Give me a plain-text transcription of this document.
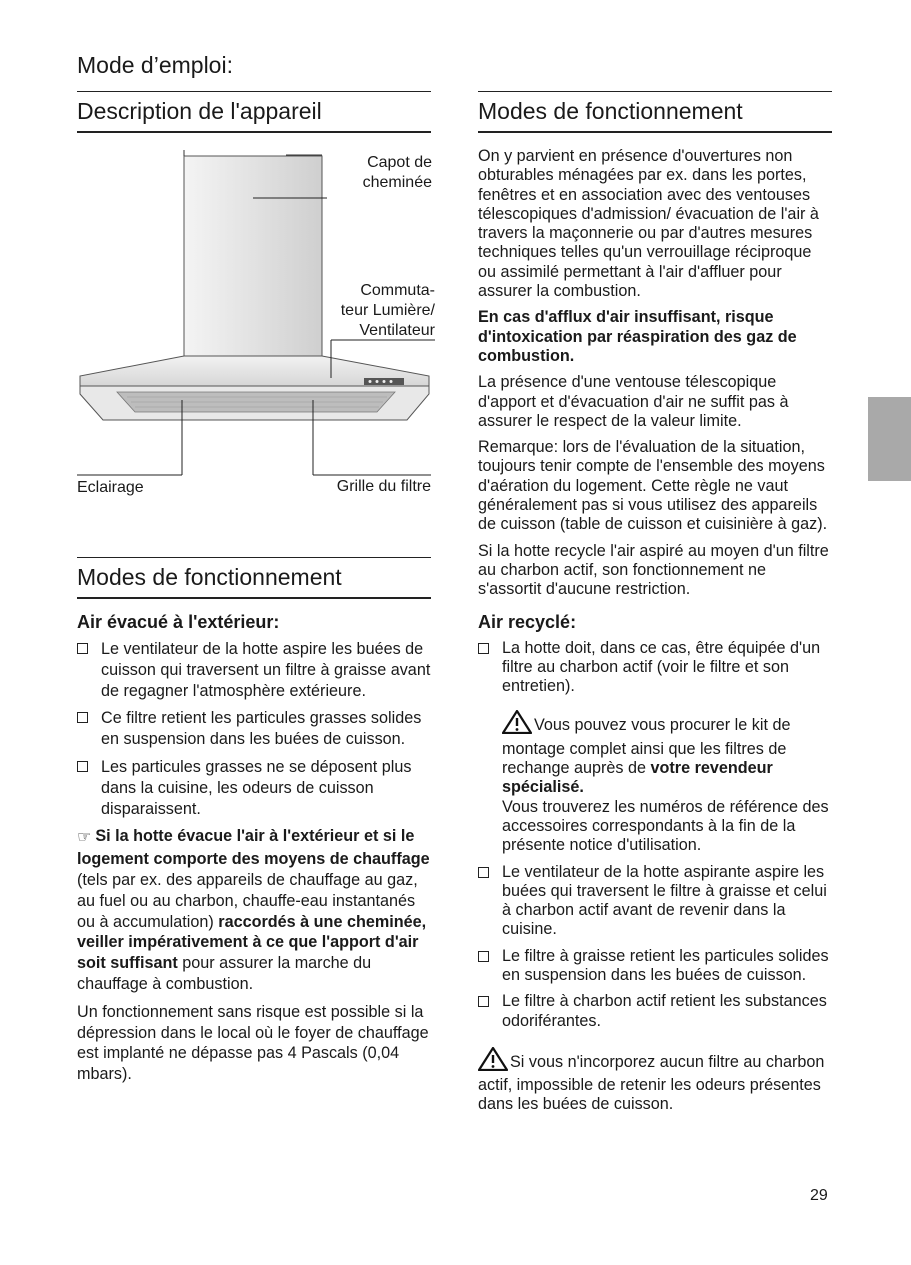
Mode d’emploi:
Description de l'appareil
Capot de
cheminée
Commuta-
teur Lumière/
Ventilateur
Eclairage	Grille du filtre
Modes de fonctionnement
Air évacué à l'extérieur:
Le ventilateur de la hotte aspire les buées de cuisson qui traversent un filtre à graisse avant de regagner l'atmosphère extérieure.
Ce filtre retient les particules grasses solides en suspension dans les buées de cuisson.
Les particules grasses ne se déposent plus dans la cuisine, les odeurs de cuisson disparaissent.

☞ Si la hotte évacue l'air à l'extérieur et si le logement comporte des moyens de chauffage (tels par ex. des appareils de chauffage au gaz, au fuel ou au charbon, chauffe-eau instantanés ou à accumulation) raccordés à une cheminée, veiller impérativement à ce que l'apport d'air soit suffisant pour assurer la marche du chauffage à combustion.

Un fonctionnement sans risque est possible si la dépression dans le local où le foyer de chauffage est implanté ne dépasse pas 4 Pascals (0,04 mbars).

Modes de fonctionnement

On y parvient en présence d'ouvertures non obturables ménagées par ex. dans les portes, fenêtres et en association avec des ventouses télescopiques d'admission/ évacuation de l'air à travers la maçonnerie ou par d'autres mesures techniques telles qu'un verrouillage réciproque ou assimilé permettant à l'air d'affluer pour assurer la combustion.

En cas d'afflux d'air insuffisant, risque d'intoxication par réaspiration des gaz de combustion.

La présence d'une ventouse télescopique d'apport et d'évacuation d'air ne suffit pas à assurer le respect de la valeur limite.

Remarque: lors de l'évaluation de la situation, toujours tenir compte de l'ensemble des moyens d'aération du logement. Cette règle ne vaut généralement pas si vous utilisez des appareils de cuisson (table de cuisson et cuisinière à gaz).

Si la hotte recycle l'air aspiré au moyen d'un filtre au charbon actif, son fonctionnement ne s'assortit d'aucune restriction.

Air recyclé:
La hotte doit, dans ce cas, être équipée d'un filtre au charbon actif (voir le filtre et son entretien).
Vous pouvez vous procurer le kit de montage complet ainsi que les filtres de rechange auprès de votre revendeur spécialisé.
Vous trouverez les numéros de référence des accessoires correspondants à la fin de la présente notice d'utilisation.
Le ventilateur de la hotte aspirante aspire les buées qui traversent le filtre à graisse et celui à charbon actif avant de revenir dans la cuisine.
Le filtre à graisse retient les particules solides en suspension dans les buées de cuisson.
Le filtre à charbon actif retient les substances odoriférantes.
Si vous n'incorporez aucun filtre au charbon actif, impossible de retenir les odeurs présentes dans les buées de cuisson.
29
